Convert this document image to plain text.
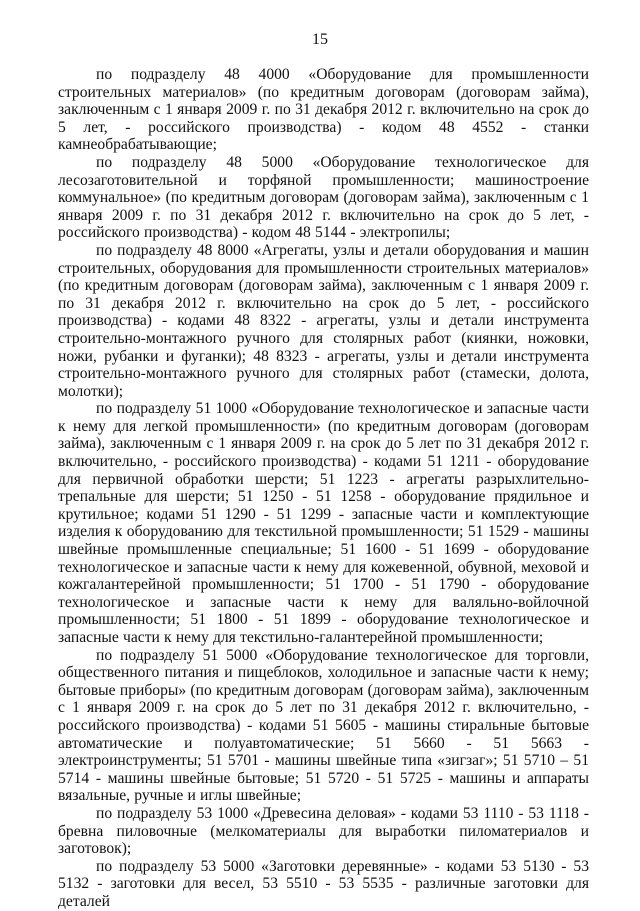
15

по подразделу 48 4000 «Оборудование для промышленности строительных материалов» (по кредитным договорам (договорам займа), заключенным с 1 января 2009 г. по 31 декабря 2012 г. включительно на срок до 5 лет, - российского производства) - кодом 48 4552 - станки камнеобрабатывающие;

по подразделу 48 5000 «Оборудование технологическое для лесозаготовительной и торфяной промышленности; машиностроение коммунальное» (по кредитным договорам (договорам займа), заключенным с 1 января 2009 г. по 31 декабря 2012 г. включительно на срок до 5 лет, - российского производства) - кодом 48 5144 - электропилы;

по подразделу 48 8000 «Агрегаты, узлы и детали оборудования и машин строительных, оборудования для промышленности строительных материалов» (по кредитным договорам (договорам займа), заключенным с 1 января 2009 г. по 31 декабря 2012 г. включительно на срок до 5 лет, - российского производства) - кодами 48 8322 - агрегаты, узлы и детали инструмента строительно-монтажного ручного для столярных работ (киянки, ножовки, ножи, рубанки и фуганки); 48 8323 - агрегаты, узлы и детали инструмента строительно-монтажного ручного для столярных работ (стамески, долота, молотки);

по подразделу 51 1000 «Оборудование технологическое и запасные части к нему для легкой промышленности» (по кредитным договорам (договорам займа), заключенным с 1 января 2009 г. на срок до 5 лет по 31 декабря 2012 г. включительно, - российского производства) - кодами 51 1211 - оборудование для первичной обработки шерсти; 51 1223 - агрегаты разрыхлительно-трепальные для шерсти; 51 1250 - 51 1258 - оборудование прядильное и крутильное; кодами 51 1290 - 51 1299 - запасные части и комплектующие изделия к оборудованию для текстильной промышленности; 51 1529 - машины швейные промышленные специальные; 51 1600 - 51 1699 - оборудование технологическое и запасные части к нему для кожевенной, обувной, меховой и кожгалантерейной промышленности; 51 1700 - 51 1790 - оборудование технологическое и запасные части к нему для валяльно-войлочной промышленности; 51 1800 - 51 1899 - оборудование технологическое и запасные части к нему для текстильно-галантерейной промышленности;

по подразделу 51 5000 «Оборудование технологическое для торговли, общественного питания и пищеблоков, холодильное и запасные части к нему; бытовые приборы» (по кредитным договорам (договорам займа), заключенным с 1 января 2009 г. на срок до 5 лет по 31 декабря 2012 г. включительно, - российского производства) - кодами 51 5605 - машины стиральные бытовые автоматические и полуавтоматические; 51 5660 - 51 5663 - электроинструменты; 51 5701 - машины швейные типа «зигзаг»; 51 5710 – 51 5714 - машины швейные бытовые; 51 5720 - 51 5725 - машины и аппараты вязальные, ручные и иглы швейные;

по подразделу 53 1000 «Древесина деловая» - кодами 53 1110 - 53 1118 - бревна пиловочные (мелкоматериалы для выработки пиломатериалов и заготовок);

по подразделу 53 5000 «Заготовки деревянные» - кодами 53 5130 - 53 5132 - заготовки для весел, 53 5510 - 53 5535 - различные заготовки для деталей
